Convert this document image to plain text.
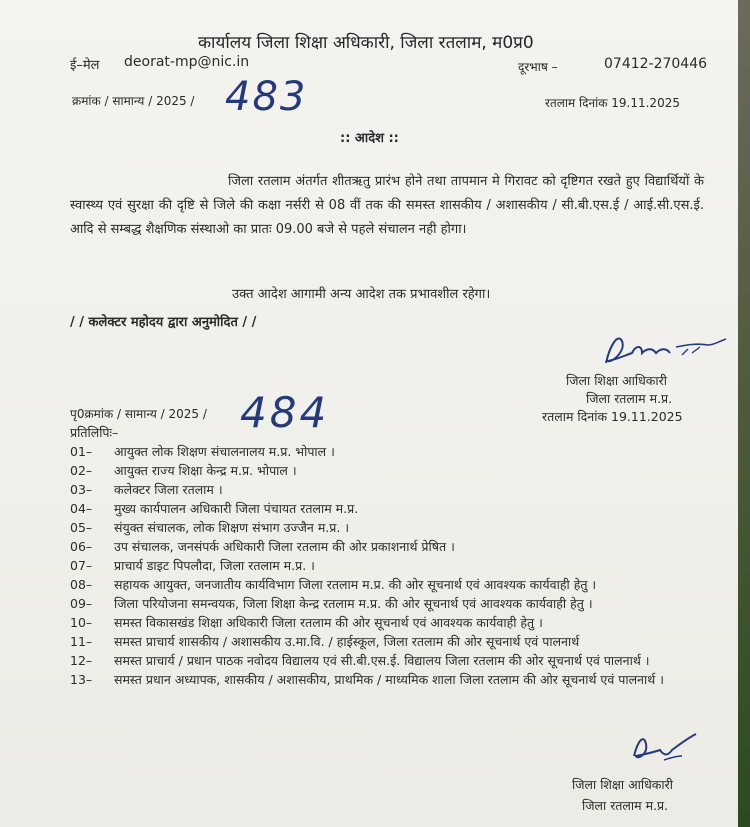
कार्यालय जिला शिक्षा अधिकारी, जिला रतलाम, म0प्र0
ई–मेल deorat-mp@nic.in	दूरभाष –	07412-270446
क्रमांक / सामान्य / 2025 / 483	रतलाम दिनांक 19.11.2025
:: आदेश ::

जिला रतलाम अंतर्गत शीतऋतु प्रारंभ होने तथा तापमान मे गिरावट को दृष्टिगत रखते हुए विद्यार्थियों के स्वास्थ्य एवं सुरक्षा की दृष्टि से जिले की कक्षा नर्सरी से 08 वीं तक की समस्त शासकीय / अशासकीय / सी.बी.एस.ई / आई.सी.एस.ई. आदि से सम्बद्ध शैक्षणिक संस्थाओ का प्रातः 09.00 बजे से पहले संचालन नही होगा।

उक्त आदेश आगामी अन्य आदेश तक प्रभावशील रहेगा।
/ / कलेक्टर महोदय द्वारा अनुमोदित / /
जिला शिक्षा आधिकारी
जिला रतलाम म.प्र.
रतलाम दिनांक 19.11.2025
पृ0क्रमांक / सामान्य / 2025 / 484
प्रतिलिपिः–
01–	आयुक्त लोक शिक्षण संचालनालय म.प्र. भोपाल ।
02–	आयुक्त राज्य शिक्षा केन्द्र म.प्र. भोपाल ।
03–	कलेक्टर जिला रतलाम ।
04–	मुख्य कार्यपालन अधिकारी जिला पंचायत रतलाम म.प्र.
05–	संयुक्त संचालक, लोक शिक्षण संभाग उज्जैन म.प्र. ।
06–	उप संचालक, जनसंपर्क अधिकारी जिला रतलाम की ओर प्रकाशनार्थ प्रेषित ।
07–	प्राचार्य डाइट पिपलौदा, जिला रतलाम म.प्र. ।
08–	सहायक आयुक्त, जनजातीय कार्यविभाग जिला रतलाम म.प्र. की ओर सूचनार्थ एवं आवश्यक कार्यवाही हेतु ।
09–	जिला परियोजना समन्वयक, जिला शिक्षा केन्द्र रतलाम म.प्र. की ओर सूचनार्थ एवं आवश्यक कार्यवाही हेतु ।
10–	समस्त विकासखंड शिक्षा अधिकारी जिला रतलाम की ओर सूचनार्थ एवं आवश्यक कार्यवाही हेतु ।
11–	समस्त प्राचार्य शासकीय / अशासकीय उ.मा.वि. / हाईस्कूल, जिला रतलाम की ओर सूचनार्थ एवं पालनार्थ
12–	समस्त प्राचार्य / प्रधान पाठक नवोदय विद्यालय एवं सी.बी.एस.ई. विद्यालय जिला रतलाम की ओर सूचनार्थ एवं पालनार्थ ।
13–	समस्त प्रधान अध्यापक, शासकीय / अशासकीय, प्राथमिक / माध्यमिक शाला जिला रतलाम की ओर सूचनार्थ एवं पालनार्थ ।
जिला शिक्षा आधिकारी
जिला रतलाम म.प्र.
